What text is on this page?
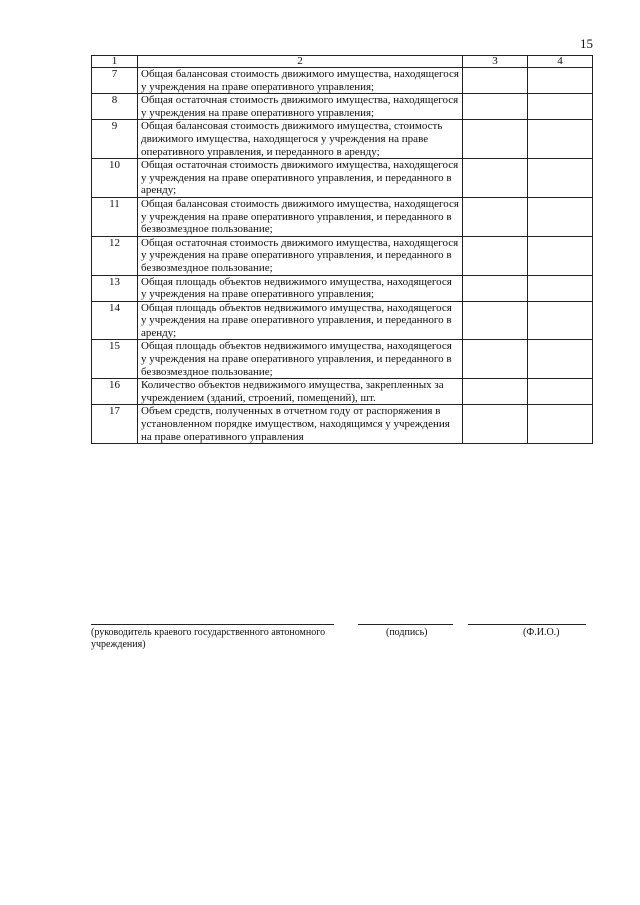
15
1	2	3	4
7	Общая балансовая стоимость движимого имущества, находящегося у учреждения на праве оперативного управления;		
8	Общая остаточная стоимость движимого имущества, находящегося у учреждения на праве оперативного управления;		
9	Общая балансовая стоимость движимого имущества, стоимость движимого имущества, находящегося у учреждения на праве оперативного управления, и переданного в аренду;		
10	Общая остаточная стоимость движимого имущества, находящегося у учреждения на праве оперативного управления, и переданного в аренду;		
11	Общая балансовая стоимость движимого имущества, находящегося у учреждения на праве оперативного управления, и переданного в безвозмездное пользование;		
12	Общая остаточная стоимость движимого имущества, находящегося у учреждения на праве оперативного управления, и переданного в безвозмездное пользование;		
13	Общая площадь объектов недвижимого имущества, находящегося у учреждения на праве оперативного управления;		
14	Общая площадь объектов недвижимого имущества, находящегося у учреждения на праве оперативного управления, и переданного в аренду;		
15	Общая площадь объектов недвижимого имущества, находящегося у учреждения на праве оперативного управления, и переданного в безвозмездное пользование;		
16	Количество объектов недвижимого имущества, закрепленных за учреждением (зданий, строений, помещений), шт.		
17	Объем средств, полученных в отчетном году от распоряжения в установленном порядке имуществом, находящимся у учреждения на праве оперативного управления		
(руководитель краевого государственного автономного учреждения)
(подпись)	(Ф.И.О.)
